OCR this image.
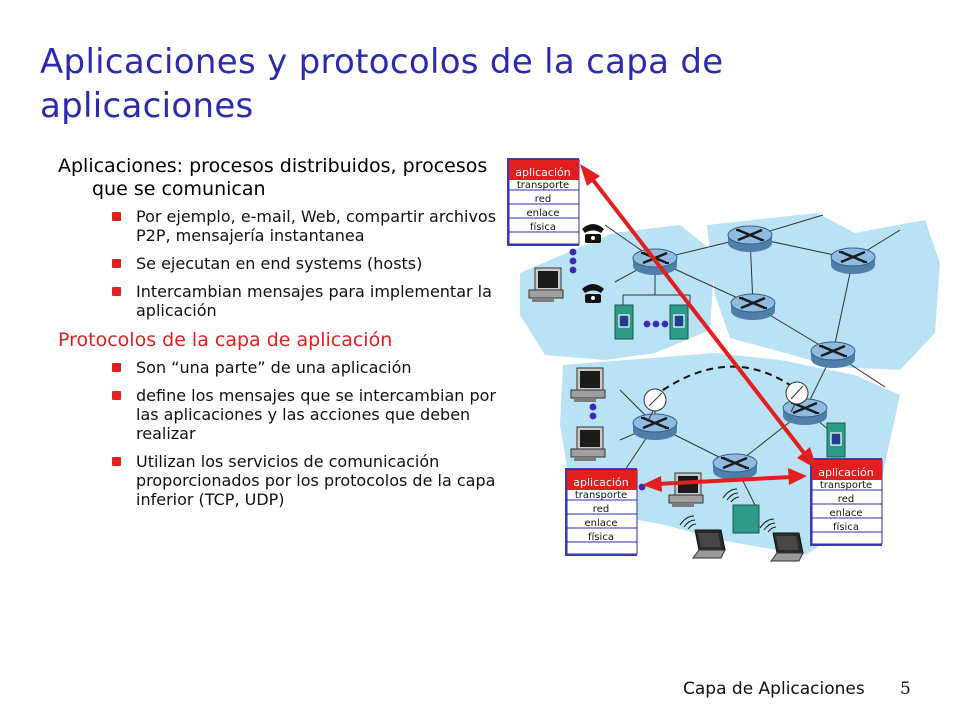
Aplicaciones y protocolos de la capa de aplicaciones
Aplicaciones: procesos distribuidos, procesos que se comunican
Por ejemplo, e-mail, Web, compartir archivos P2P, mensajería instantanea
Se ejecutan en end systems (hosts)
Intercambian mensajes para implementar la aplicación
Protocolos de la capa de aplicación
Son “una parte” de una aplicación
define los mensajes que se intercambian por las aplicaciones y las acciones que deben realizar
Utilizan los servicios de comunicación proporcionados por los protocolos de la capa inferior (TCP, UDP)
aplicación
transporte
red
enlace
física
aplicación
transporte
red
enlace
física
aplicación
transporte
red
enlace
física
Capa de Aplicaciones 5
